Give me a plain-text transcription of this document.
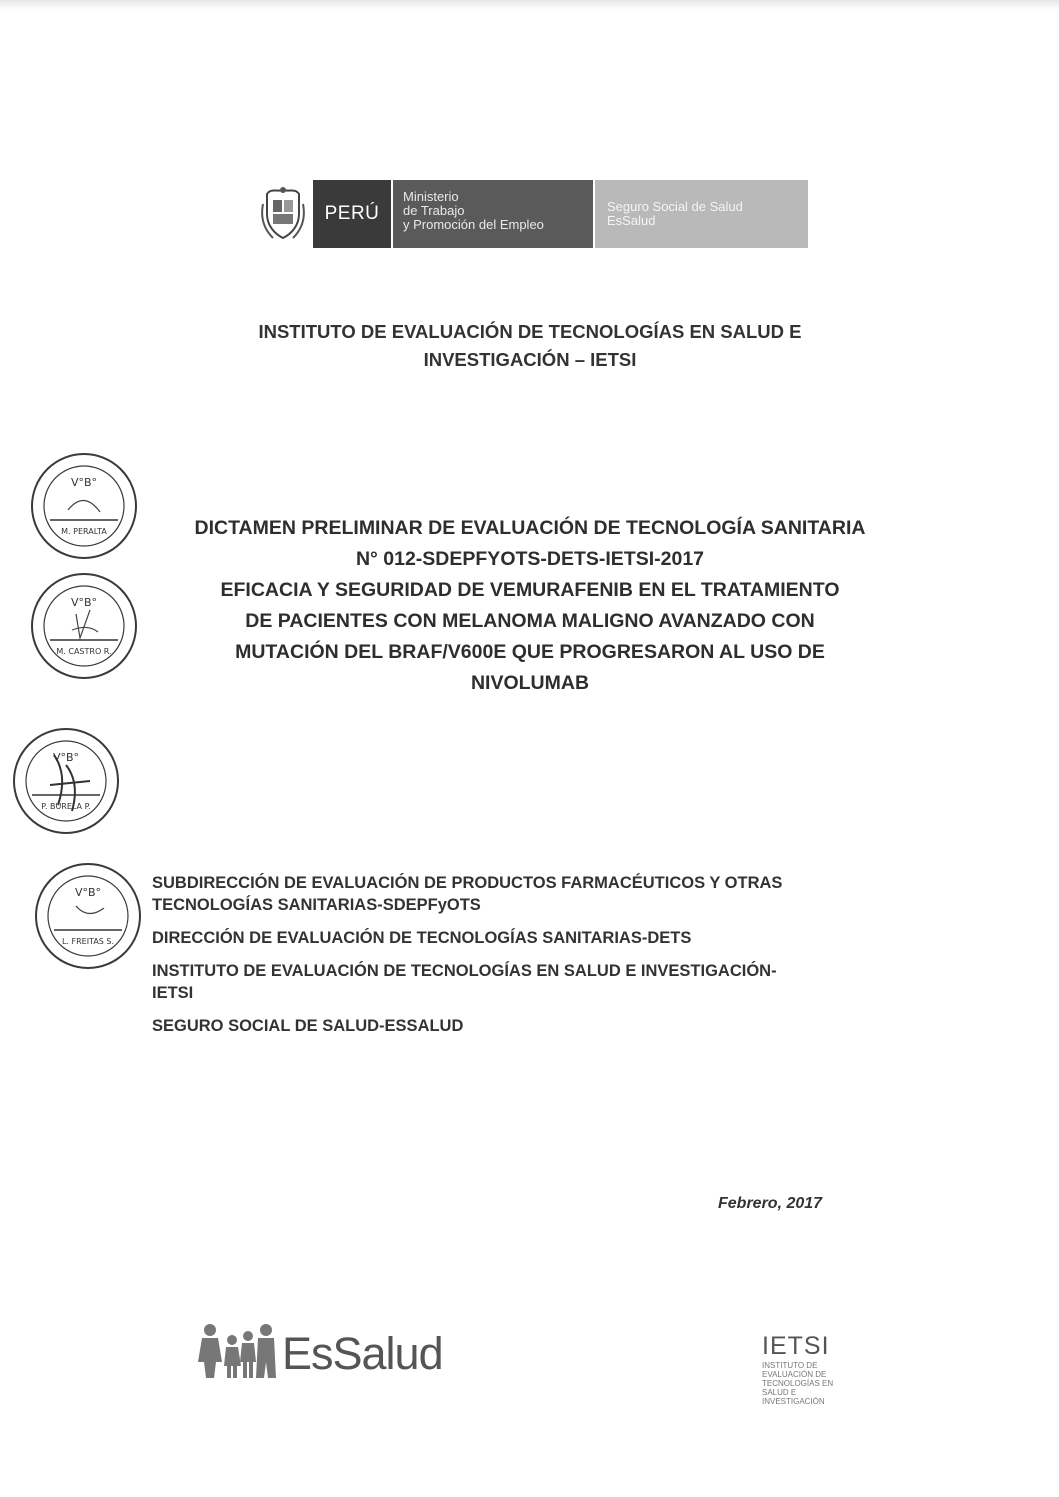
PERÚ
Ministerio
de Trabajo
y Promoción del Empleo
Seguro Social de Salud
EsSalud
INSTITUTO DE EVALUACIÓN DE TECNOLOGÍAS EN SALUD E
INVESTIGACIÓN – IETSI
DICTAMEN PRELIMINAR DE EVALUACIÓN DE TECNOLOGÍA SANITARIA
N° 012-SDEPFYOTS-DETS-IETSI-2017
EFICACIA Y SEGURIDAD DE VEMURAFENIB EN EL TRATAMIENTO
DE PACIENTES CON MELANOMA MALIGNO AVANZADO CON
MUTACIÓN DEL BRAF/V600E QUE PROGRESARON AL USO DE
NIVOLUMAB
V°B°
M. PERALTA
V°B°
M. CASTRO R.
V°B°
P. BURELA P.
V°B°
L. FREITAS S.

SUBDIRECCIÓN DE EVALUACIÓN DE PRODUCTOS FARMACÉUTICOS Y OTRAS
TECNOLOGÍAS SANITARIAS-SDEPFyOTS

DIRECCIÓN DE EVALUACIÓN DE TECNOLOGÍAS SANITARIAS-DETS

INSTITUTO DE EVALUACIÓN DE TECNOLOGÍAS EN SALUD E INVESTIGACIÓN-
IETSI

SEGURO SOCIAL DE SALUD-ESSALUD

Febrero, 2017
EsSalud	IETSI
INSTITUTO DE EVALUACIÓN DE TECNOLOGÍAS EN SALUD E INVESTIGACIÓN
